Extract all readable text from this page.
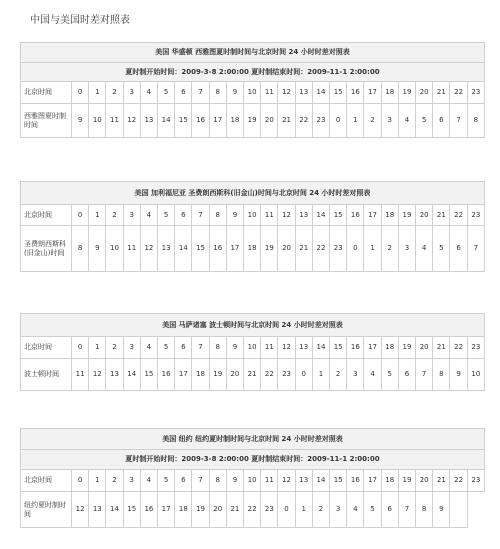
中国与美国时差对照表
美国 华盛顿 西雅图夏时制时间与北京时间 24 小时时差对照表																								
夏时制开始时间：2009-3-8 2:00:00 夏时制结束时间：2009-11-1 2:00:00																								
北京时间	0	1	2	3	4	5	6	7	8	9	10	11	12	13	14	15	16	17	18	19	20	21	22	23
西雅图夏时制时间	9	10	11	12	13	14	15	16	17	18	19	20	21	22	23	0	1	2	3	4	5	6	7	8
美国 加利福尼亚 圣费朗西斯科(旧金山)时间与北京时间 24 小时时差对照表																								
北京时间	0	1	2	3	4	5	6	7	8	9	10	11	12	13	14	15	16	17	18	19	20	21	22	23
圣费朗西斯科(旧金山)时间	8	9	10	11	12	13	14	15	16	17	18	19	20	21	22	23	0	1	2	3	4	5	6	7
美国 马萨诸塞 波士顿时间与北京时间 24 小时时差对照表																								
北京时间	0	1	2	3	4	5	6	7	8	9	10	11	12	13	14	15	16	17	18	19	20	21	22	23
波士顿时间	11	12	13	14	15	16	17	18	19	20	21	22	23	0	1	2	3	4	5	6	7	8	9	10
美国 纽约 纽约夏时制时间与北京时间 24 小时时差对照表																								
夏时制开始时间：2009-3-8 2:00:00 夏时制结束时间：2009-11-1 2:00:00																								
北京时间	0	1	2	3	4	5	6	7	8	9	10	11	12	13	14	15	16	17	18	19	20	21	22	23
纽约夏时制时间	12	13	14	15	16	17	18	19	20	21	22	23	0	1	2	3	4	5	6	7	8	9		
